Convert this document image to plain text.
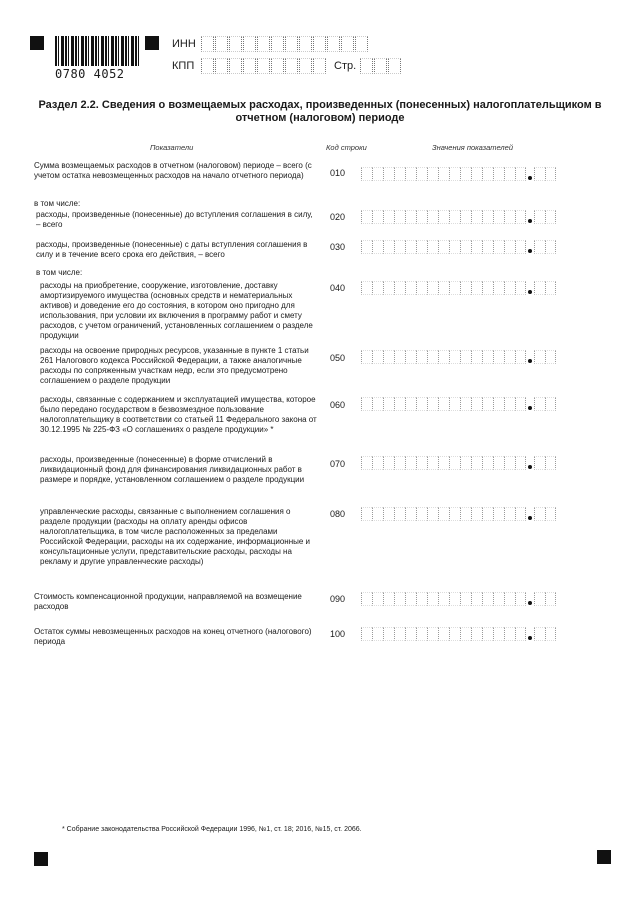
0780 4052
ИНН
КПП	Стр.
Раздел 2.2. Сведения о возмещаемых расходах, произведенных (понесенных) налогоплательщиком в отчетном (налоговом) периоде
Показатели	Код строки	Значения показателей
Сумма возмещаемых расходов в отчетном (налоговом) периоде – всего (с учетом остатка невозмещенных расходов на начало отчетного периода)	010
в том числе:
расходы, произведенные (понесенные) до вступления соглашения в силу, – всего
020
расходы, произведенные (понесенные) с даты вступления соглашения в силу и в течение всего срока его действия, – всего
030
в том числе:
расходы на приобретение, сооружение, изготовление, доставку амортизируемого имущества (основных средств и нематериальных активов) и доведение его до состояния, в котором оно пригодно для использования, при условии их включения в программу работ и смету расходов, с учетом ограничений, установленных соглашением о разделе продукции
040
расходы на освоение природных ресурсов, указанные в пункте 1 статьи 261 Налогового кодекса Российской Федерации, а также аналогичные расходы по сопряженным участкам недр, если это предусмотрено соглашением о разделе продукции
050
расходы, связанные с содержанием и эксплуатацией имущества, которое было передано государством в безвозмездное пользование налогоплательщику в соответствии со статьей 11 Федерального закона от 30.12.1995 № 225-ФЗ «О соглашениях о разделе продукции» *
060
расходы, произведенные (понесенные) в форме отчислений в ликвидационный фонд для финансирования ликвидационных работ в размере и порядке, установленном соглашением о разделе продукции
070
управленческие расходы, связанные с выполнением соглашения о разделе продукции (расходы на оплату аренды офисов налогоплательщика, в том числе расположенных за пределами Российской Федерации, расходы на их содержание, информационные и консультационные услуги, представительские расходы, расходы на рекламу и другие управленческие расходы)
080
Стоимость компенсационной продукции, направляемой на возмещение расходов
090
Остаток суммы невозмещенных расходов на конец отчетного (налогового) периода
100
* Собрание законодательства Российской Федерации 1996, №1, ст. 18; 2016, №15, ст. 2066.
